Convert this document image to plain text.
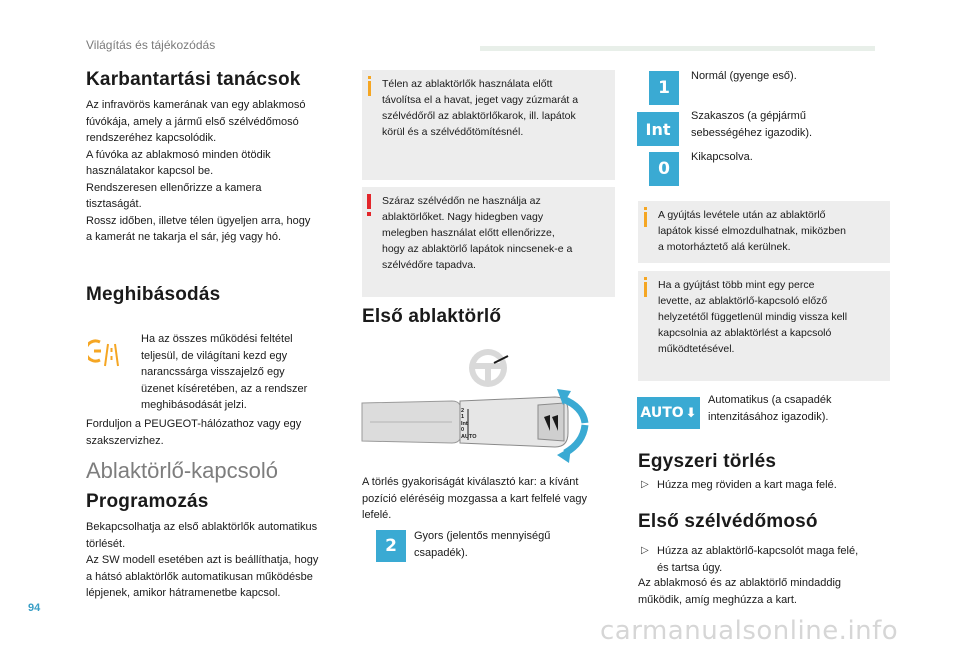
Világítás és tájékozódás
Karbantartási tanácsok
Az infravörös kamerának van egy ablakmosó
fúvókája, amely a jármű első szélvédőmosó
rendszeréhez kapcsolódik.
A fúvóka az ablakmosó minden ötödik
használatakor kapcsol be.
Rendszeresen ellenőrizze a kamera
tisztaságát.
Rossz időben, illetve télen ügyeljen arra, hogy
a kamerát ne takarja el sár, jég vagy hó.
Meghibásodás
Ha az összes működési feltétel
teljesül, de világítani kezd egy
narancssárga visszajelző egy
üzenet kíséretében, az a rendszer
meghibásodását jelzi.
Forduljon a PEUGEOT-hálózathoz vagy egy
szakszervizhez.
Ablaktörlő-kapcsoló
Programozás
Bekapcsolhatja az első ablaktörlők automatikus
törlését.
Az SW modell esetében azt is beállíthatja, hogy
a hátsó ablaktörlők automatikusan működésbe
lépjenek, amikor hátramenetbe kapcsol.
Télen az ablaktörlők használata előtt
távolítsa el a havat, jeget vagy zúzmarát a
szélvédőről az ablaktörlőkarok, ill. lapátok
körül és a szélvédőtömítésnél.
Száraz szélvédőn ne használja az
ablaktörlőket. Nagy hidegben vagy
melegben használat előtt ellenőrizze,
hogy az ablaktörlő lapátok nincsenek-e a
szélvédőre tapadva.
Első ablaktörlő
2
1
Int
0
AUTO
A törlés gyakoriságát kiválasztó kar: a kívánt
pozíció eléréséig mozgassa a kart felfelé vagy
lefelé.
2	Gyors (jelentős mennyiségű
csapadék).
1
Normál (gyenge eső).
Int
Szakaszos (a gépjármű
sebességéhez igazodik).
0
Kikapcsolva.
A gyújtás levétele után az ablaktörlő
lapátok kissé elmozdulhatnak, miközben
a motorháztető alá kerülnek.
Ha a gyújtást több mint egy perce
levette, az ablaktörlő-kapcsoló előző
helyzetétől függetlenül mindig vissza kell
kapcsolnia az ablaktörlést a kapcsoló
működtetésével.
AUTO ⬇
Automatikus (a csapadék
intenzitásához igazodik).
Egyszeri törlés
▷ Húzza meg röviden a kart maga felé.
Első szélvédőmosó
▷ Húzza az ablaktörlő-kapcsolót maga felé,
és tartsa úgy.
Az ablakmosó és az ablaktörlő mindaddig
működik, amíg meghúzza a kart.
94
carmanualsonline.info
